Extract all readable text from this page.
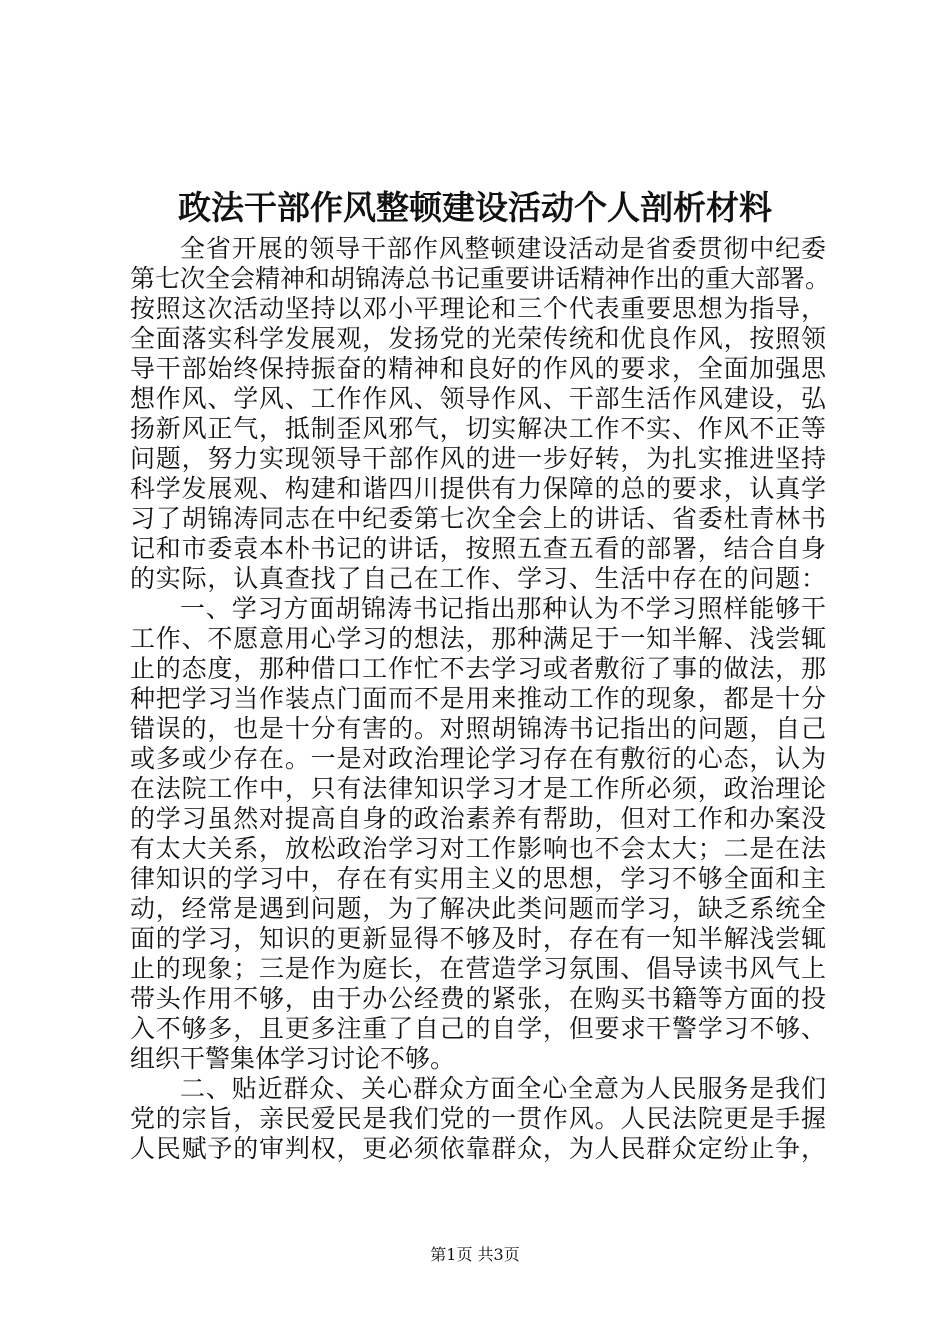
政法干部作风整顿建设活动个人剖析材料

全省开展的领导干部作风整顿建设活动是省委贯彻中纪委
第七次全会精神和胡锦涛总书记重要讲话精神作出的重大部署。
按照这次活动坚持以邓小平理论和三个代表重要思想为指导，
全面落实科学发展观，发扬党的光荣传统和优良作风，按照领
导干部始终保持振奋的精神和良好的作风的要求，全面加强思
想作风、学风、工作作风、领导作风、干部生活作风建设，弘
扬新风正气，抵制歪风邪气，切实解决工作不实、作风不正等
问题，努力实现领导干部作风的进一步好转，为扎实推进坚持
科学发展观、构建和谐四川提供有力保障的总的要求，认真学
习了胡锦涛同志在中纪委第七次全会上的讲话、省委杜青林书
记和市委袁本朴书记的讲话，按照五查五看的部署，结合自身
的实际，认真查找了自己在工作、学习、生活中存在的问题：

一、学习方面胡锦涛书记指出那种认为不学习照样能够干
工作、不愿意用心学习的想法，那种满足于一知半解、浅尝辄
止的态度，那种借口工作忙不去学习或者敷衍了事的做法，那
种把学习当作装点门面而不是用来推动工作的现象，都是十分
错误的，也是十分有害的。对照胡锦涛书记指出的问题，自己
或多或少存在。一是对政治理论学习存在有敷衍的心态，认为
在法院工作中，只有法律知识学习才是工作所必须，政治理论
的学习虽然对提高自身的政治素养有帮助，但对工作和办案没
有太大关系，放松政治学习对工作影响也不会太大；二是在法
律知识的学习中，存在有实用主义的思想，学习不够全面和主
动，经常是遇到问题，为了解决此类问题而学习，缺乏系统全
面的学习，知识的更新显得不够及时，存在有一知半解浅尝辄
止的现象；三是作为庭长，在营造学习氛围、倡导读书风气上
带头作用不够，由于办公经费的紧张，在购买书籍等方面的投
入不够多，且更多注重了自己的自学，但要求干警学习不够、
组织干警集体学习讨论不够。

二、贴近群众、关心群众方面全心全意为人民服务是我们
党的宗旨，亲民爱民是我们党的一贯作风。人民法院更是手握
人民赋予的审判权，更必须依靠群众，为人民群众定纷止争，

第1页 共3页
